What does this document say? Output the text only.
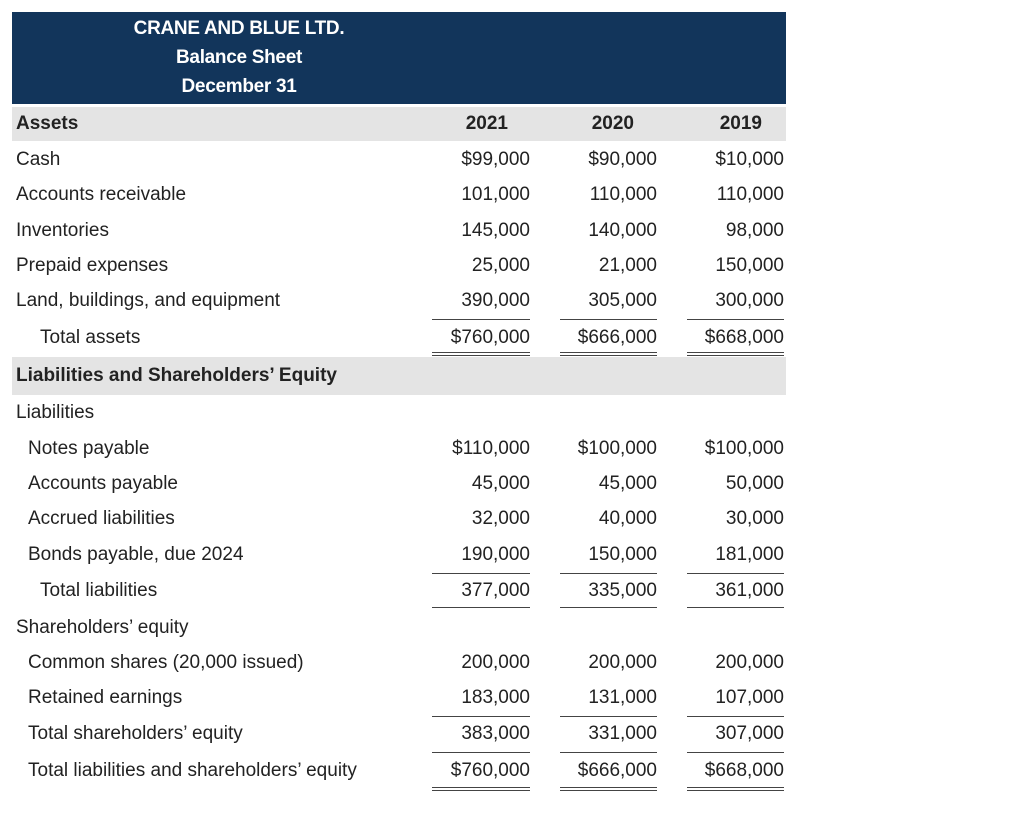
CRANE AND BLUE LTD.
Balance Sheet
December 31
Assets	2021	2020	2019
Cash	$99,000	$90,000	$10,000
Accounts receivable	101,000	110,000	110,000
Inventories	145,000	140,000	98,000
Prepaid expenses	25,000	21,000	150,000
Land, buildings, and equipment	390,000	305,000	300,000
Total assets	$760,000	$666,000	$668,000
Liabilities and Shareholders’ Equity
Liabilities
Notes payable	$110,000	$100,000	$100,000
Accounts payable	45,000	45,000	50,000
Accrued liabilities	32,000	40,000	30,000
Bonds payable, due 2024	190,000	150,000	181,000
Total liabilities	377,000	335,000	361,000
Shareholders’ equity
Common shares (20,000 issued)	200,000	200,000	200,000
Retained earnings	183,000	131,000	107,000
Total shareholders’ equity	383,000	331,000	307,000
Total liabilities and shareholders’ equity	$760,000	$666,000	$668,000
